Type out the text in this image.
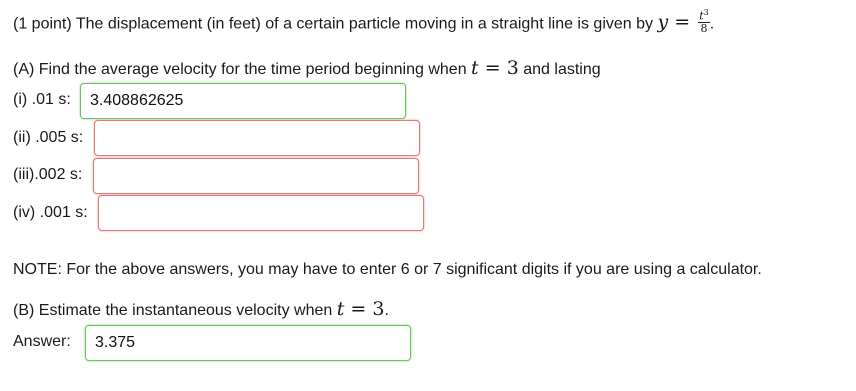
(1 point) The displacement (in feet) of a certain particle moving in a straight line is given by $y = \frac{t^3}{8}$ .
(A) Find the average velocity for the time period beginning when t = 3 and lasting
(i) .01 s:
3.408862625
(ii) .005 s:
(iii).002 s:
(iv) .001 s:
NOTE: For the above answers, you may have to enter 6 or 7 significant digits if you are using a calculator.
(B) Estimate the instantaneous velocity when t = 3.
Answer:
3.375
